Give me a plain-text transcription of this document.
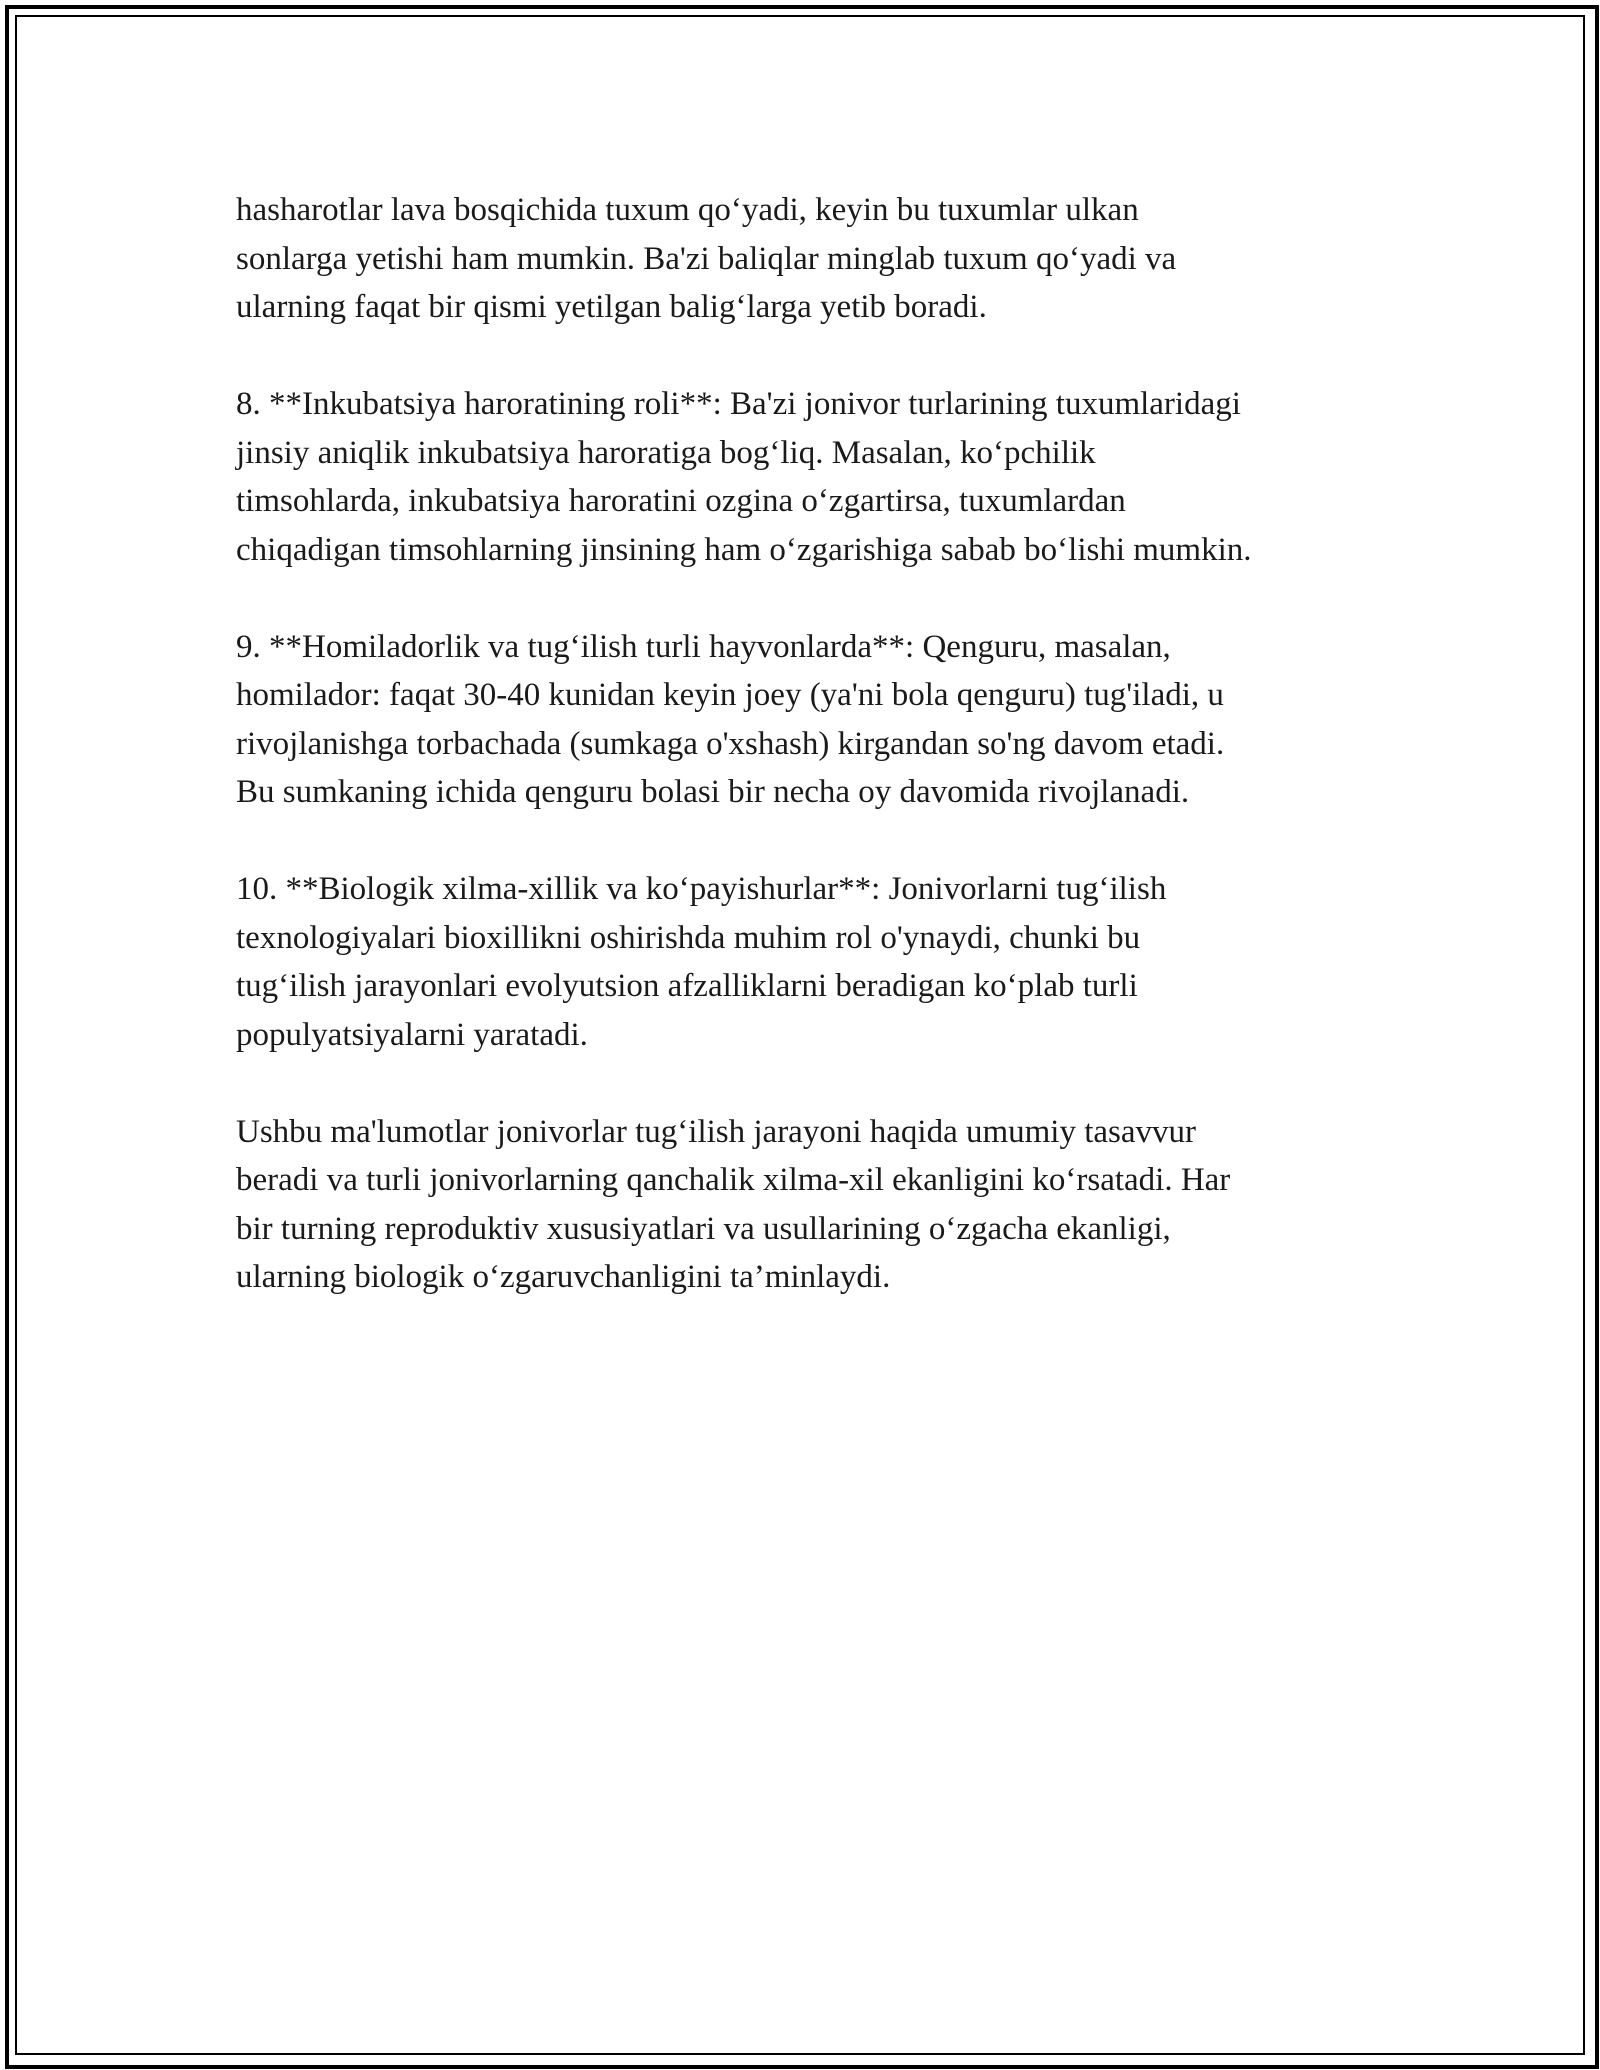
hasharotlar lava bosqichida tuxum qo‘yadi, keyin bu tuxumlar ulkan
sonlarga yetishi ham mumkin. Ba'zi baliqlar minglab tuxum qo‘yadi va
ularning faqat bir qismi yetilgan balig‘larga yetib boradi.
8. **Inkubatsiya haroratining roli**: Ba'zi jonivor turlarining tuxumlaridagi
jinsiy aniqlik inkubatsiya haroratiga bog‘liq. Masalan, ko‘pchilik
timsohlarda, inkubatsiya haroratini ozgina o‘zgartirsa, tuxumlardan
chiqadigan timsohlarning jinsining ham o‘zgarishiga sabab bo‘lishi mumkin.
9. **Homiladorlik va tug‘ilish turli hayvonlarda**: Qenguru, masalan,
homilador: faqat 30-40 kunidan keyin joey (ya'ni bola qenguru) tug'iladi, u
rivojlanishga torbachada (sumkaga o'xshash) kirgandan so'ng davom etadi.
Bu sumkaning ichida qenguru bolasi bir necha oy davomida rivojlanadi.
10. **Biologik xilma-xillik va ko‘payishurlar**: Jonivorlarni tug‘ilish
texnologiyalari bioxillikni oshirishda muhim rol o'ynaydi, chunki bu
tug‘ilish jarayonlari evolyutsion afzalliklarni beradigan ko‘plab turli
populyatsiyalarni yaratadi.
Ushbu ma'lumotlar jonivorlar tug‘ilish jarayoni haqida umumiy tasavvur
beradi va turli jonivorlarning qanchalik xilma-xil ekanligini ko‘rsatadi. Har
bir turning reproduktiv xususiyatlari va usullarining o‘zgacha ekanligi,
ularning biologik o‘zgaruvchanligini ta’minlaydi.
